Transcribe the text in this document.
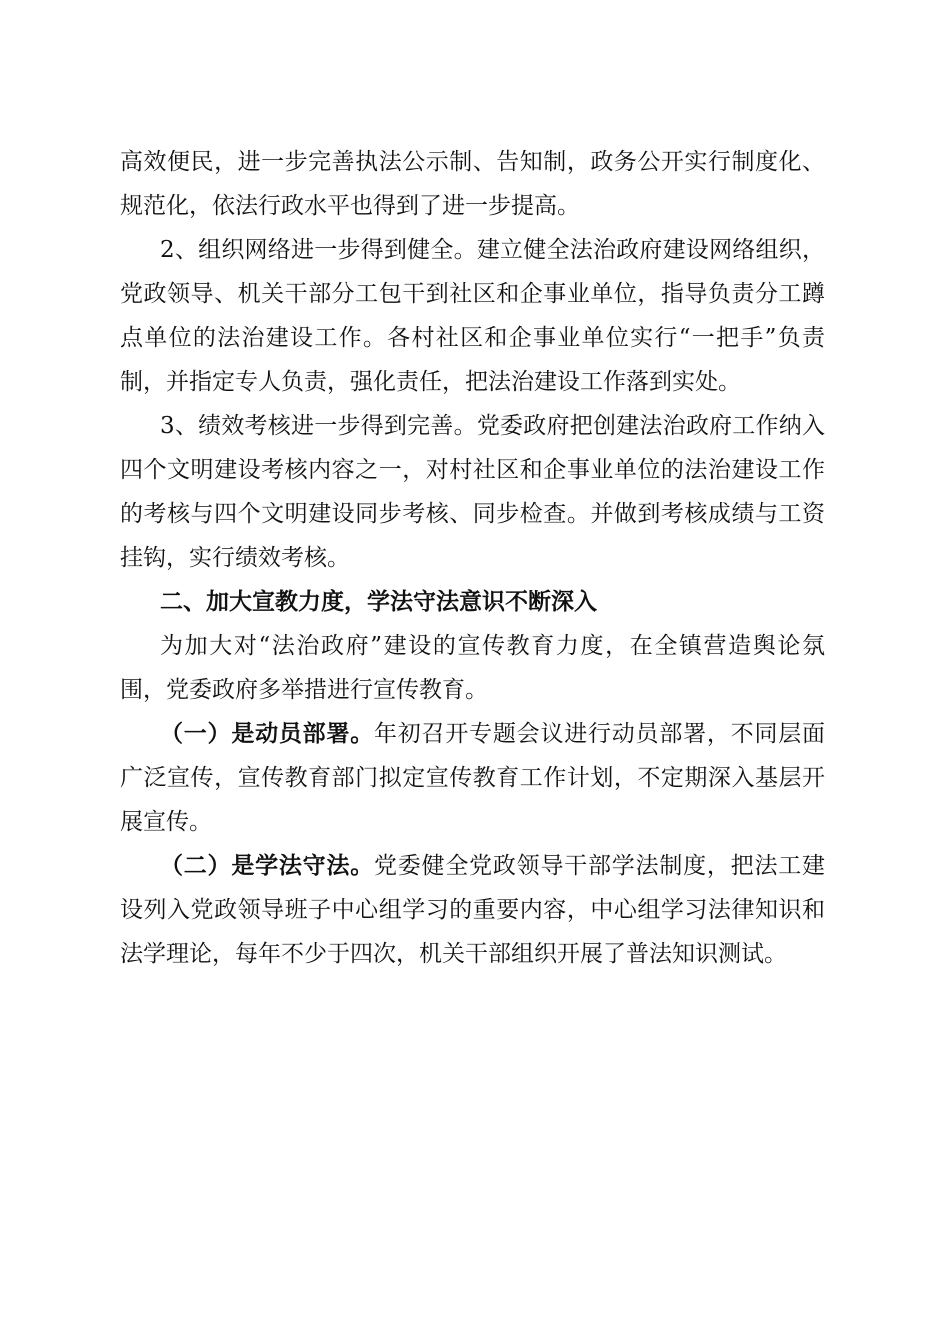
高效便民，进一步完善执法公示制、告知制，政务公开实行制度化、规范化，依法行政水平也得到了进一步提高。

2、组织网络进一步得到健全。建立健全法治政府建设网络组织，党政领导、机关干部分工包干到社区和企事业单位，指导负责分工蹲点单位的法治建设工作。各村社区和企事业单位实行“一把手”负责制，并指定专人负责，强化责任，把法治建设工作落到实处。

3、绩效考核进一步得到完善。党委政府把创建法治政府工作纳入四个文明建设考核内容之一，对村社区和企事业单位的法治建设工作的考核与四个文明建设同步考核、同步检查。并做到考核成绩与工资挂钩，实行绩效考核。

二、加大宣教力度，学法守法意识不断深入

为加大对“法治政府”建设的宣传教育力度，在全镇营造舆论氛围，党委政府多举措进行宣传教育。

（一）是动员部署。年初召开专题会议进行动员部署，不同层面广泛宣传，宣传教育部门拟定宣传教育工作计划，不定期深入基层开展宣传。

（二）是学法守法。党委健全党政领导干部学法制度，把法工建设列入党政领导班子中心组学习的重要内容，中心组学习法律知识和法学理论，每年不少于四次，机关干部组织开展了普法知识测试。
